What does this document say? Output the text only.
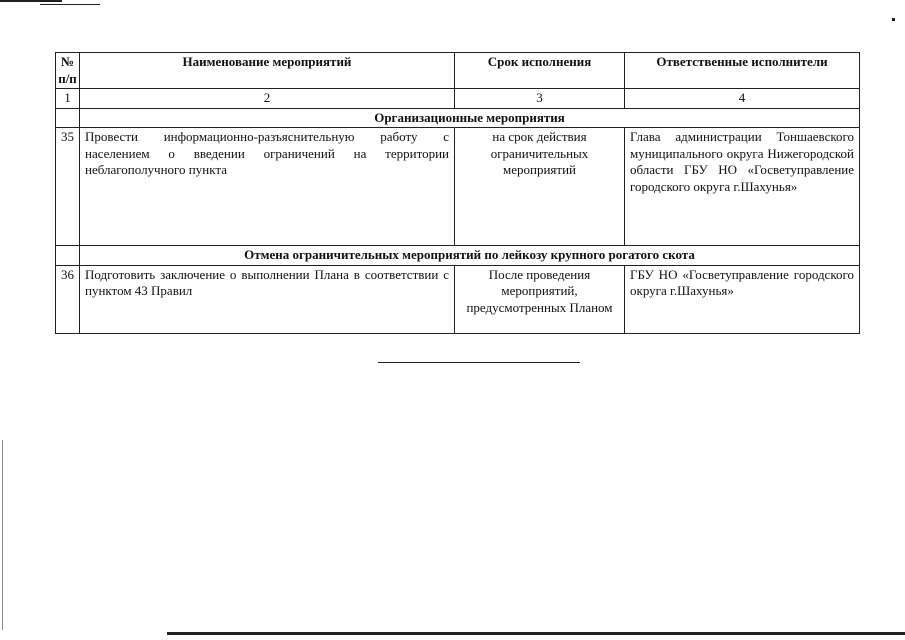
№ п/п	Наименование мероприятий	Срок исполнения	Ответственные исполнители
1	2	3	4
	Организационные мероприятия		
35	Провести информационно-разъяснительную работу с населением о введении ограничений на территории неблагополучного пункта	на срок действия ограничительных мероприятий	Глава администрации Тоншаевского муниципального округа Нижегородской области ГБУ НО «Госветуправление городского округа г.Шахунья»
	Отмена ограничительных мероприятий по лейкозу крупного рогатого скота		
36	Подготовить заключение о выполнении Плана в соответствии с пунктом 43 Правил	После проведения мероприятий, предусмотренных Планом	ГБУ НО «Госветуправление городского округа г.Шахунья»
